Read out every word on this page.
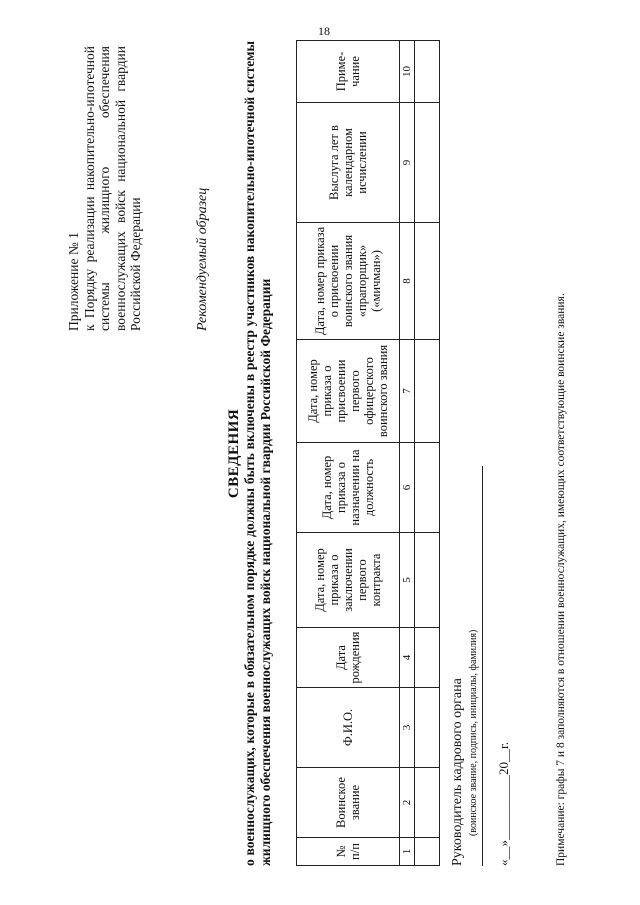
18
Приложение № 1 к Порядку реализации накопительно-ипотечной системы жилищного обеспечения военнослужащих войск национальной гвардии Российской Федерации	Рекомендуемый образец
СВЕДЕНИЯ о военнослужащих, которые в обязательном порядке должны быть включены в реестр участников накопительно-ипотечной системы жилищного обеспечения военнослужащих войск национальной гвардии Российской Федерации	№ п/п	Воинское звание	Ф.И.О.	Дата рождения	Дата, номер приказа о заключении первого контракта	Дата, номер приказа о назначении на должность	Дата, номер приказа о присвоении первого офицерского воинского звания	Дата, номер приказа о присвоении воинского звания «прапорщик» («мичман»)	Выслуга лет в календарном исчислении	Приме-чание
1	2	3	4	5	6	7	8	9	10

Руководитель кадрового органа (воинское звание, подпись, инициалы, фамилия) «__»__________20__г.	Примечание: графы 7 и 8 заполняются в отношении военнослужащих, имеющих соответствующие воинские звания.
